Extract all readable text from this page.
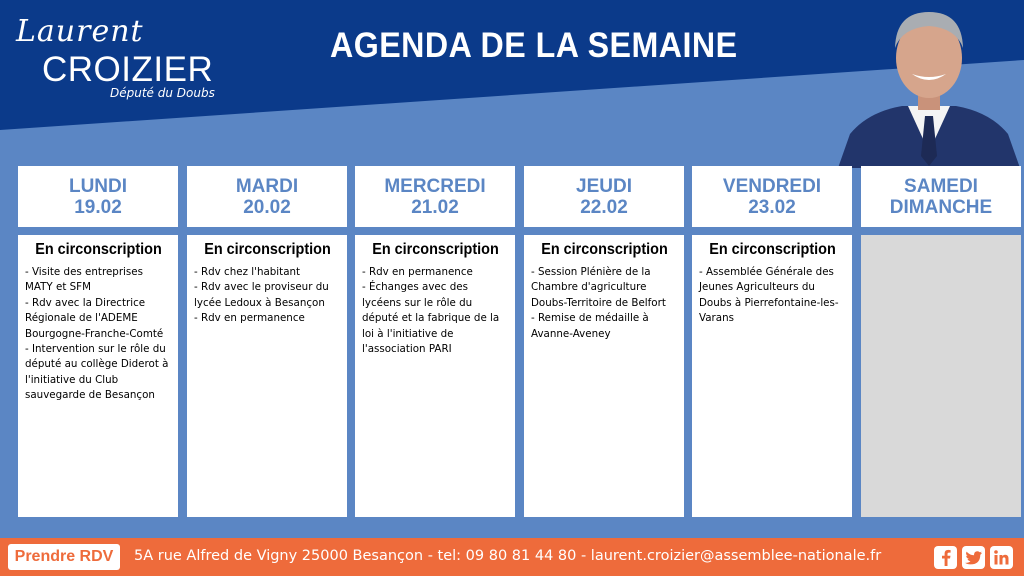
Laurent
CROIZIER
Député du Doubs
AGENDA DE LA SEMAINE
LUNDI
19.02
MARDI
20.02
MERCREDI
21.02
JEUDI
22.02
VENDREDI
23.02
SAMEDI
DIMANCHE
En circonscription
- Visite des entreprises MATY et SFM
- Rdv avec la Directrice Régionale de l'ADEME Bourgogne-Franche-Comté
- Intervention sur le rôle du député au collège Diderot à l'initiative du Club sauvegarde de Besançon
En circonscription
- Rdv chez l'habitant
- Rdv avec le proviseur du lycée Ledoux à Besançon
- Rdv en permanence
En circonscription
- Rdv en permanence
- Échanges avec des lycéens sur le rôle du député et la fabrique de la loi à l'initiative de l'association PARI
En circonscription
- Session Plénière de la Chambre d'agriculture Doubs-Territoire de Belfort
- Remise de médaille à Avanne-Aveney
En circonscription
- Assemblée Générale des Jeunes Agriculteurs du Doubs à Pierrefontaine-les-Varans
Prendre RDV	5A rue Alfred de Vigny 25000 Besançon - tel: 09 80 81 44 80 - laurent.croizier@assemblee-nationale.fr
